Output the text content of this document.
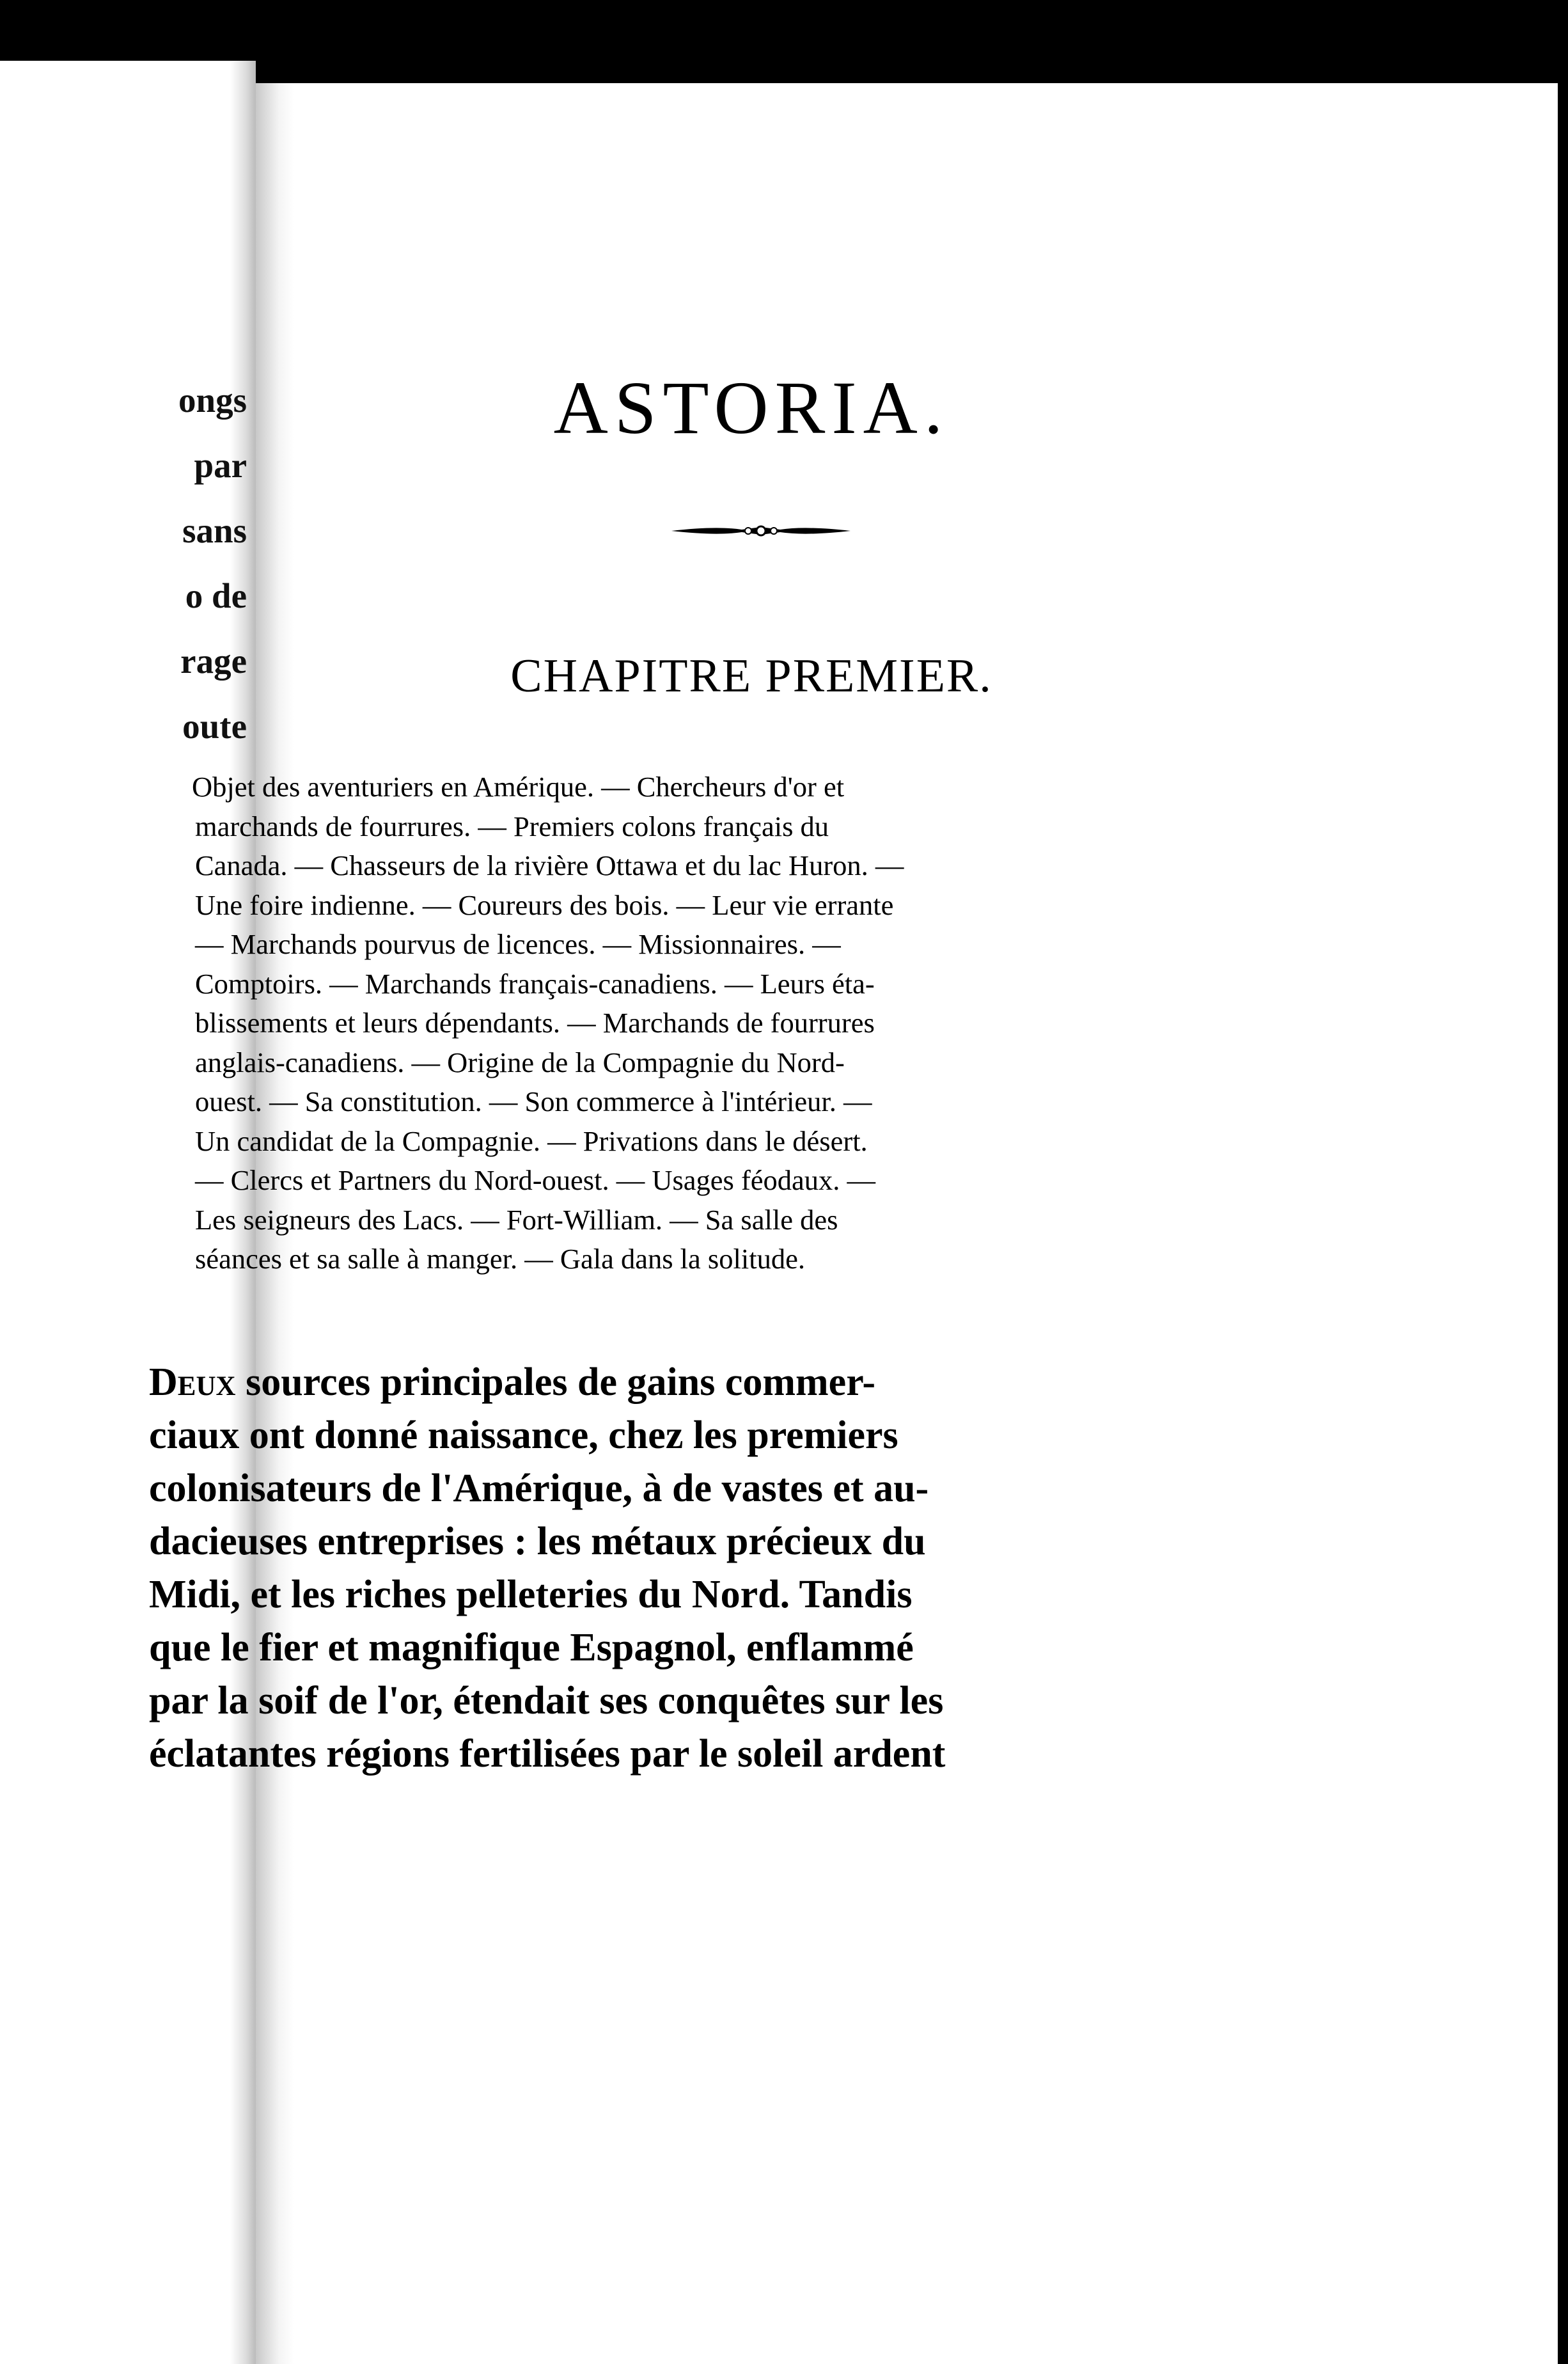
ongs
par
sans
o de
rage
oute
ASTORIA.
CHAPITRE PREMIER.
Objet des aventuriers en Amérique. — Chercheurs d'or et
marchands de fourrures. — Premiers colons français du
Canada. — Chasseurs de la rivière Ottawa et du lac Huron. —
Une foire indienne. — Coureurs des bois. — Leur vie errante
— Marchands pourvus de licences. — Missionnaires. —
Comptoirs. — Marchands français-canadiens. — Leurs éta-
blissements et leurs dépendants. — Marchands de fourrures
anglais-canadiens. — Origine de la Compagnie du Nord-
ouest. — Sa constitution. — Son commerce à l'intérieur. —
Un candidat de la Compagnie. — Privations dans le désert.
— Clercs et Partners du Nord-ouest. — Usages féodaux. —
Les seigneurs des Lacs. — Fort-William. — Sa salle des
séances et sa salle à manger. — Gala dans la solitude.
Deux sources principales de gains commer-
ciaux ont donné naissance, chez les premiers
colonisateurs de l'Amérique, à de vastes et au-
dacieuses entreprises : les métaux précieux du
Midi, et les riches pelleteries du Nord. Tandis
que le fier et magnifique Espagnol, enflammé
par la soif de l'or, étendait ses conquêtes sur les
éclatantes régions fertilisées par le soleil ardent
